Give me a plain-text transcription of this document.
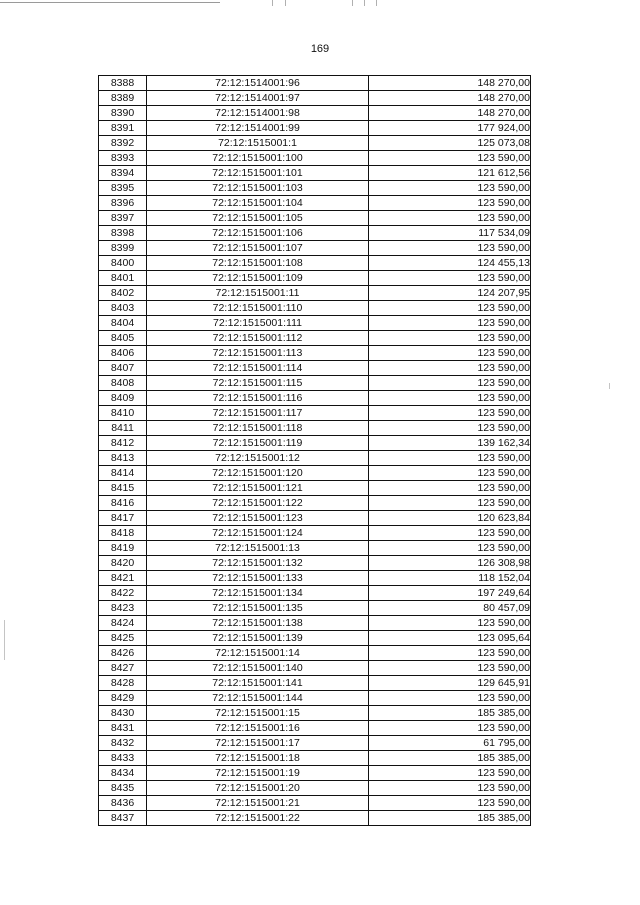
169
8388	72:12:1514001:96	148 270,00
8389	72:12:1514001:97	148 270,00
8390	72:12:1514001:98	148 270,00
8391	72:12:1514001:99	177 924,00
8392	72:12:1515001:1	125 073,08
8393	72:12:1515001:100	123 590,00
8394	72:12:1515001:101	121 612,56
8395	72:12:1515001:103	123 590,00
8396	72:12:1515001:104	123 590,00
8397	72:12:1515001:105	123 590,00
8398	72:12:1515001:106	117 534,09
8399	72:12:1515001:107	123 590,00
8400	72:12:1515001:108	124 455,13
8401	72:12:1515001:109	123 590,00
8402	72:12:1515001:11	124 207,95
8403	72:12:1515001:110	123 590,00
8404	72:12:1515001:111	123 590,00
8405	72:12:1515001:112	123 590,00
8406	72:12:1515001:113	123 590,00
8407	72:12:1515001:114	123 590,00
8408	72:12:1515001:115	123 590,00
8409	72:12:1515001:116	123 590,00
8410	72:12:1515001:117	123 590,00
8411	72:12:1515001:118	123 590,00
8412	72:12:1515001:119	139 162,34
8413	72:12:1515001:12	123 590,00
8414	72:12:1515001:120	123 590,00
8415	72:12:1515001:121	123 590,00
8416	72:12:1515001:122	123 590,00
8417	72:12:1515001:123	120 623,84
8418	72:12:1515001:124	123 590,00
8419	72:12:1515001:13	123 590,00
8420	72:12:1515001:132	126 308,98
8421	72:12:1515001:133	118 152,04
8422	72:12:1515001:134	197 249,64
8423	72:12:1515001:135	80 457,09
8424	72:12:1515001:138	123 590,00
8425	72:12:1515001:139	123 095,64
8426	72:12:1515001:14	123 590,00
8427	72:12:1515001:140	123 590,00
8428	72:12:1515001:141	129 645,91
8429	72:12:1515001:144	123 590,00
8430	72:12:1515001:15	185 385,00
8431	72:12:1515001:16	123 590,00
8432	72:12:1515001:17	61 795,00
8433	72:12:1515001:18	185 385,00
8434	72:12:1515001:19	123 590,00
8435	72:12:1515001:20	123 590,00
8436	72:12:1515001:21	123 590,00
8437	72:12:1515001:22	185 385,00
